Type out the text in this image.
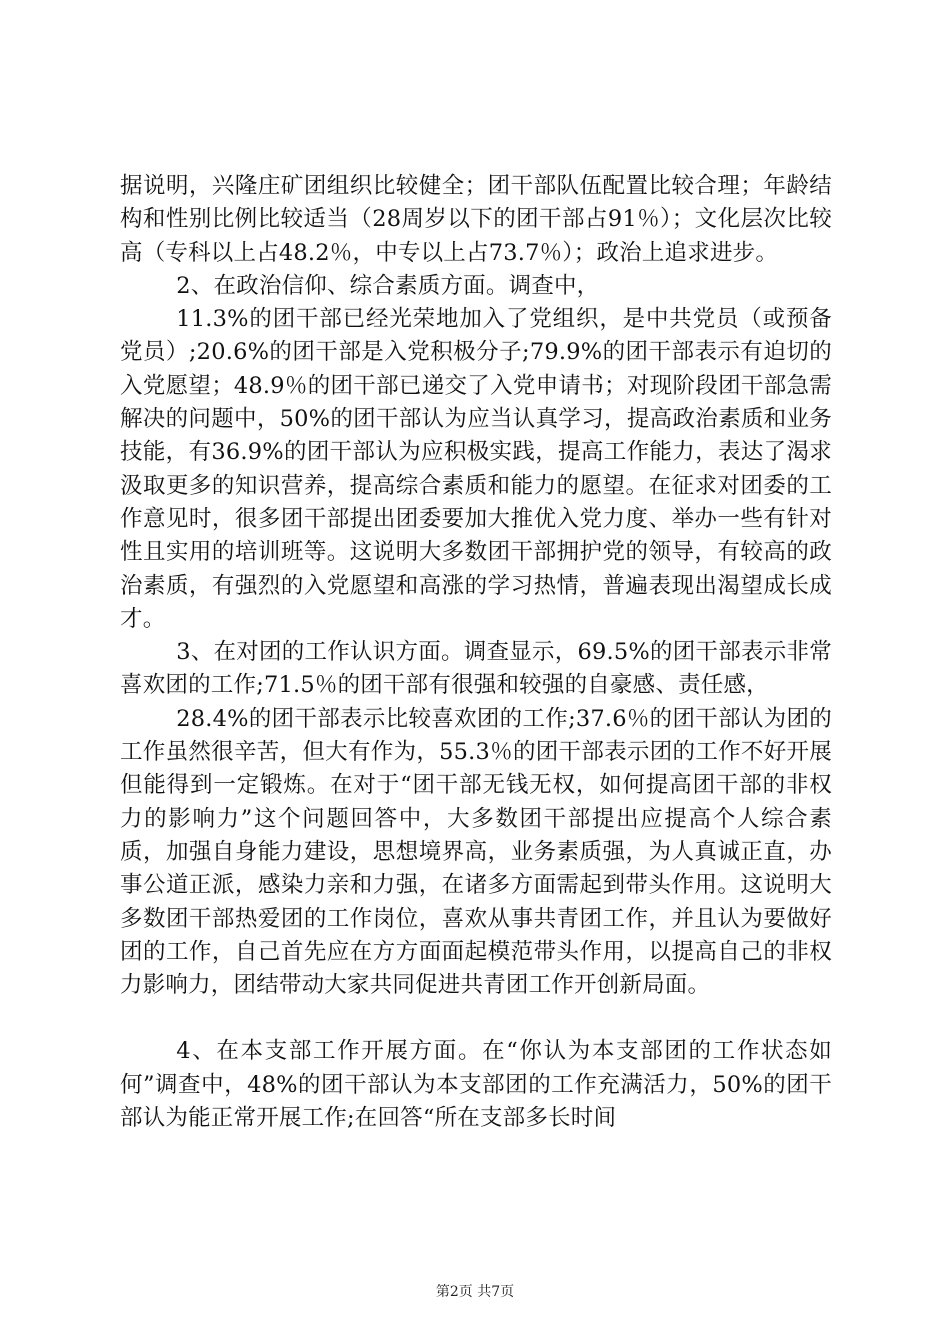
据说明，兴隆庄矿团组织比较健全；团干部队伍配置比较合理；年龄结构和性别比例比较适当（28周岁以下的团干部占91％）；文化层次比较高（专科以上占48.2％，中专以上占73.7％）；政治上追求进步。

2、在政治信仰、综合素质方面。调查中，

11.3%的团干部已经光荣地加入了党组织，是中共党员（或预备党员）;20.6%的团干部是入党积极分子;79.9%的团干部表示有迫切的入党愿望；48.9％的团干部已递交了入党申请书；对现阶段团干部急需解决的问题中，50%的团干部认为应当认真学习，提高政治素质和业务技能，有36.9%的团干部认为应积极实践，提高工作能力，表达了渴求汲取更多的知识营养，提高综合素质和能力的愿望。在征求对团委的工作意见时，很多团干部提出团委要加大推优入党力度、举办一些有针对性且实用的培训班等。这说明大多数团干部拥护党的领导，有较高的政治素质，有强烈的入党愿望和高涨的学习热情，普遍表现出渴望成长成才。

3、在对团的工作认识方面。调查显示，69.5%的团干部表示非常喜欢团的工作;71.5％的团干部有很强和较强的自豪感、责任感，

28.4%的团干部表示比较喜欢团的工作;37.6％的团干部认为团的工作虽然很辛苦，但大有作为，55.3％的团干部表示团的工作不好开展但能得到一定锻炼。在对于“团干部无钱无权，如何提高团干部的非权力的影响力”这个问题回答中，大多数团干部提出应提高个人综合素质，加强自身能力建设，思想境界高，业务素质强，为人真诚正直，办事公道正派，感染力亲和力强，在诸多方面需起到带头作用。这说明大多数团干部热爱团的工作岗位，喜欢从事共青团工作，并且认为要做好团的工作，自己首先应在方方面面起模范带头作用，以提高自己的非权力影响力，团结带动大家共同促进共青团工作开创新局面。

4、在本支部工作开展方面。在“你认为本支部团的工作状态如何”调查中，48%的团干部认为本支部团的工作充满活力，50%的团干部认为能正常开展工作;在回答“所在支部多长时间

第2页 共7页
